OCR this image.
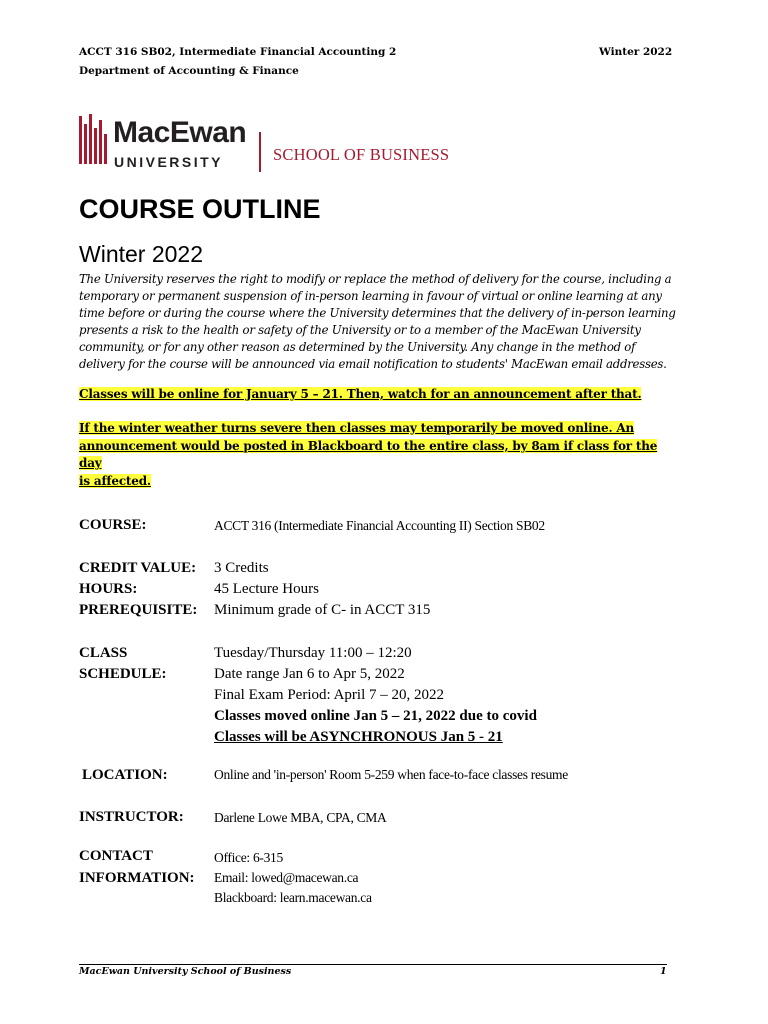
ACCT 316 SB02, Intermediate Financial Accounting 2	Winter 2022
Department of Accounting & Finance
MacEwan
UNIVERSITY	SCHOOL OF BUSINESS
COURSE OUTLINE
Winter 2022
The University reserves the right to modify or replace the method of delivery for the course, including a
temporary or permanent suspension of in-person learning in favour of virtual or online learning at any
time before or during the course where the University determines that the delivery of in-person learning
presents a risk to the health or safety of the University or to a member of the MacEwan University
community, or for any other reason as determined by the University. Any change in the method of
delivery for the course will be announced via email notification to students' MacEwan email addresses.
Classes will be online for January 5 – 21. Then, watch for an announcement after that.
If the winter weather turns severe then classes may temporarily be moved online. An
announcement would be posted in Blackboard to the entire class, by 8am if class for the day
is affected.
COURSE:	ACCT 316 (Intermediate Financial Accounting II) Section SB02
CREDIT VALUE: 3 Credits
HOURS:	45 Lecture Hours
PREREQUISITE: Minimum grade of C- in ACCT 315
CLASS	Tuesday/Thursday 11:00 – 12:20
SCHEDULE:	Date range Jan 6 to Apr 5, 2022
Final Exam Period: April 7 – 20, 2022
Classes moved online Jan 5 – 21, 2022 due to covid
Classes will be ASYNCHRONOUS Jan 5 - 21
LOCATION:	Online and 'in-person' Room 5-259 when face-to-face classes resume
INSTRUCTOR: Darlene Lowe MBA, CPA, CMA
CONTACT	Office: 6-315
INFORMATION: Email: lowed@macewan.ca
Blackboard: learn.macewan.ca
MacEwan University School of Business	1
